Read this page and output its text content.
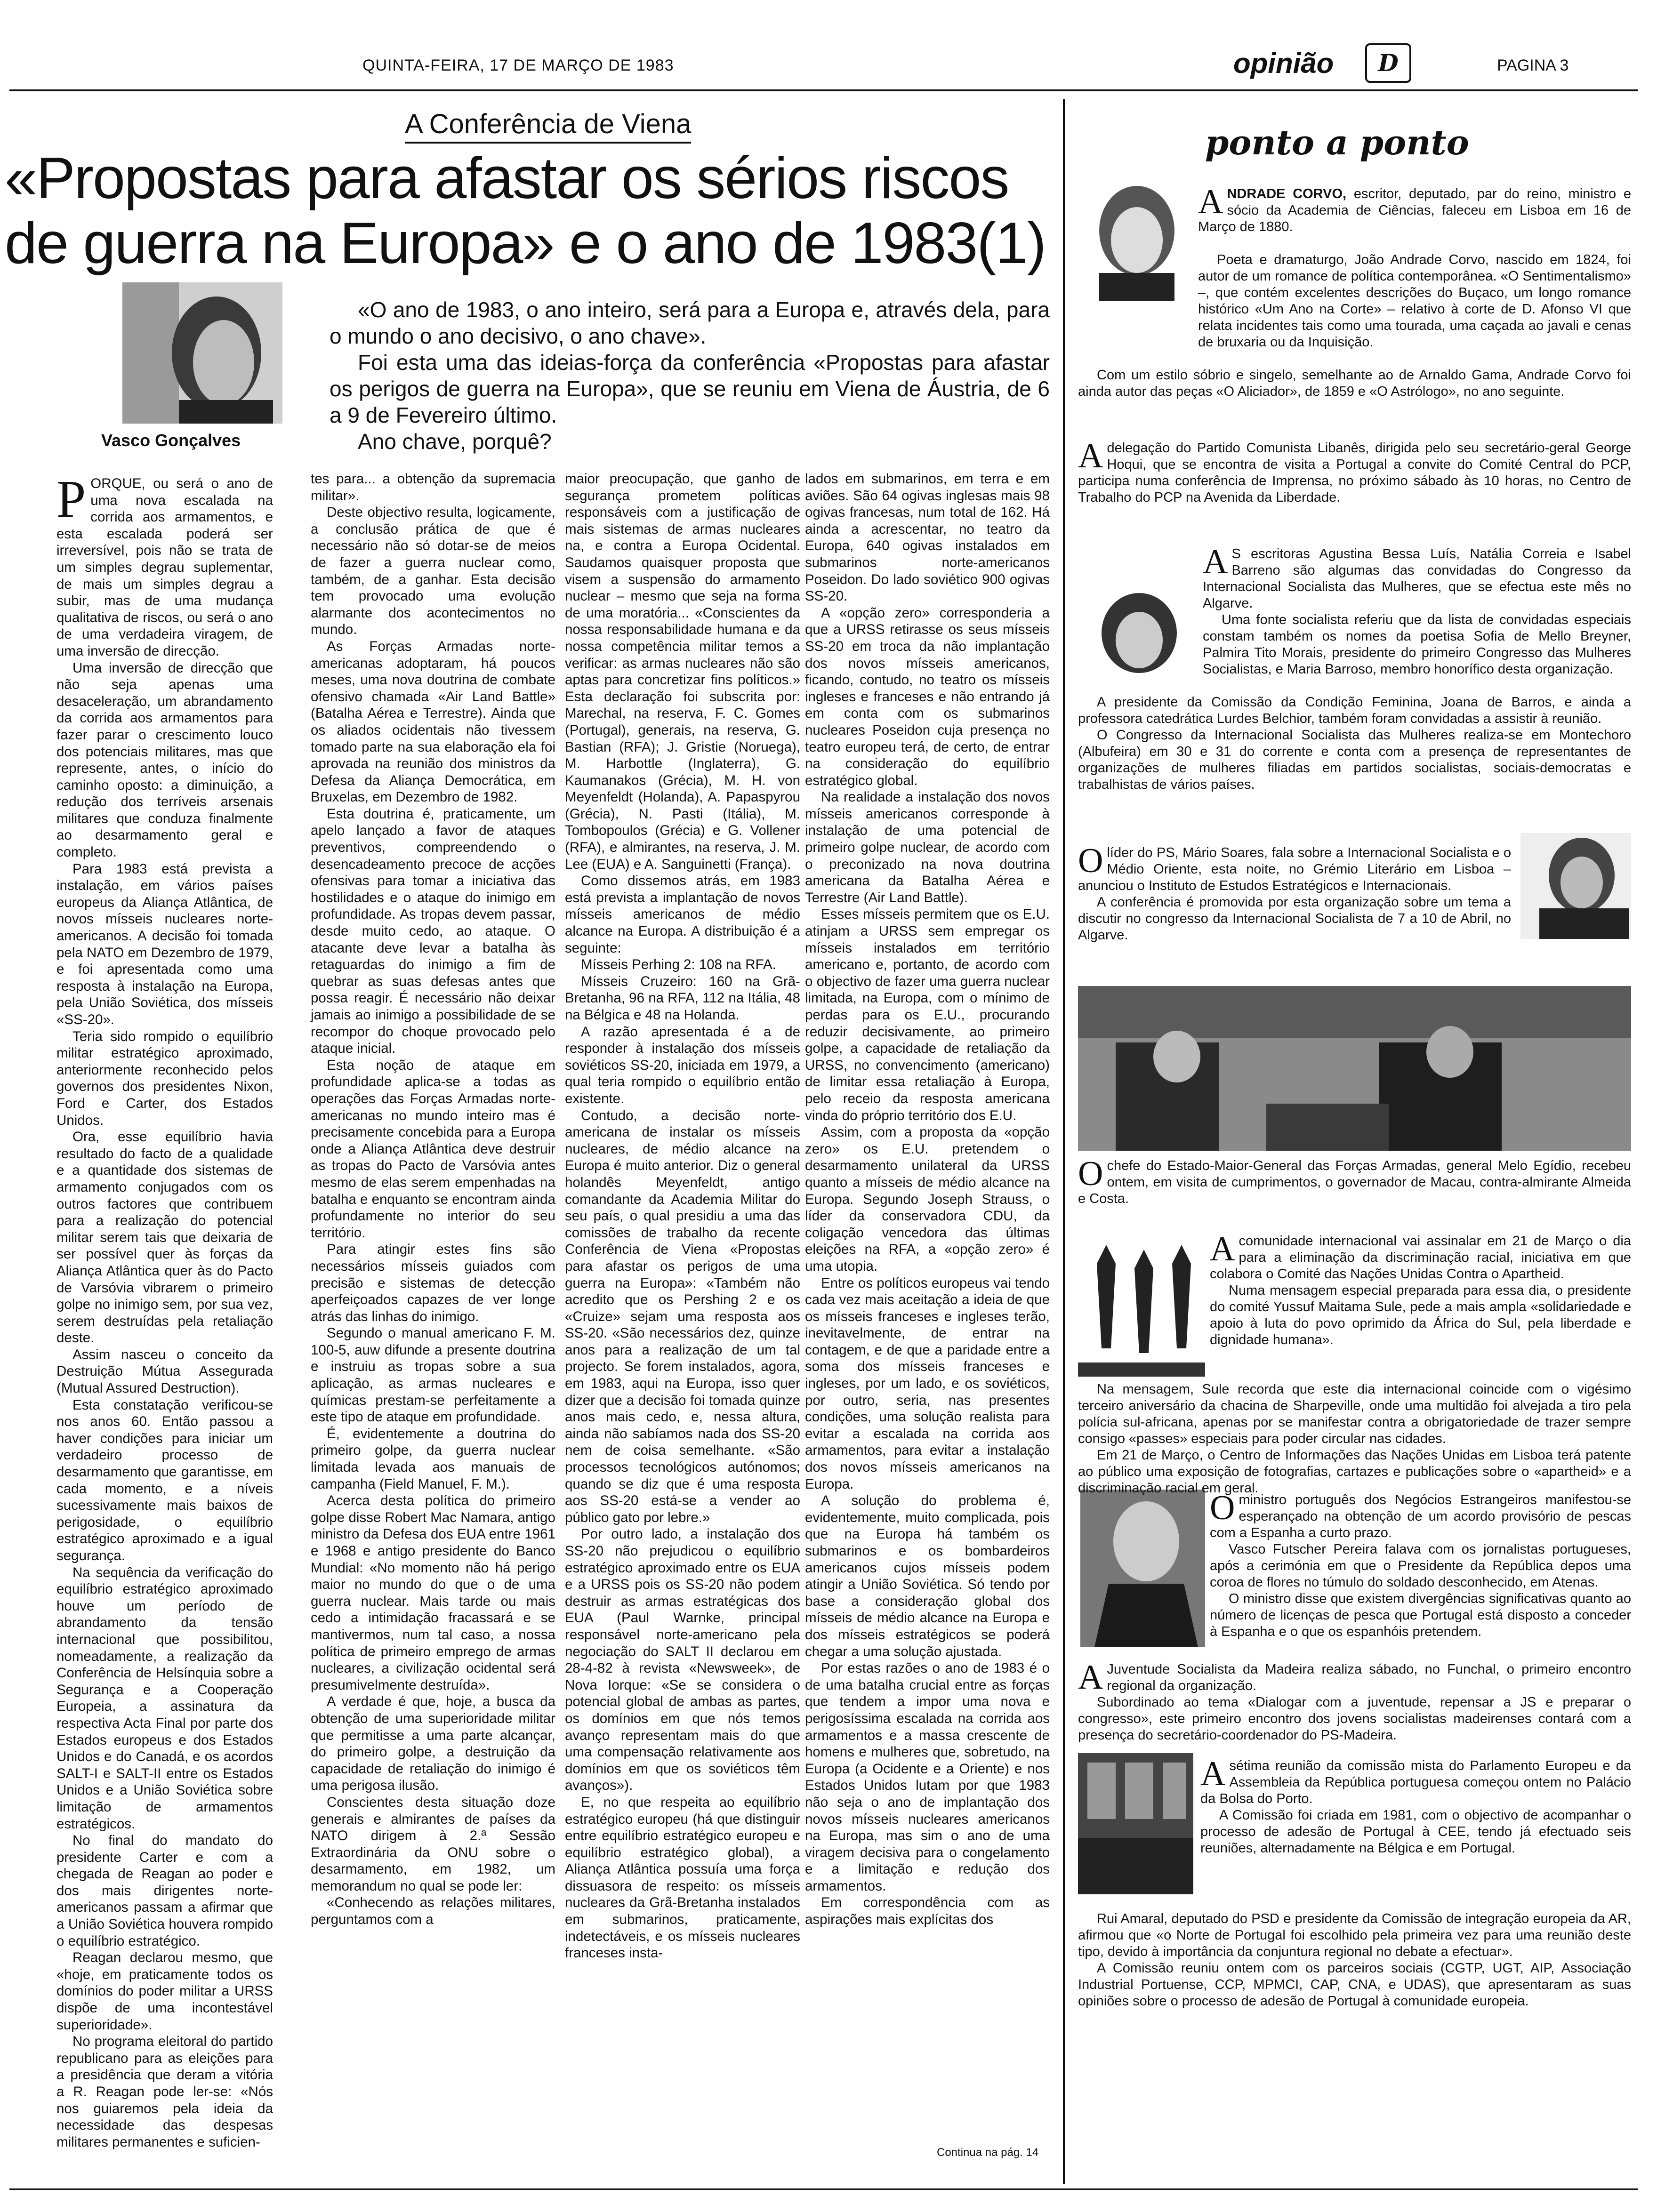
QUINTA-FEIRA, 17 DE MARÇO DE 1983	opinião	D	PAGINA 3
A Conferência de Viena
«Propostas para afastar os sérios riscos de guerra na Europa» e o ano de 1983(1)
Vasco Gonçalves

«O ano de 1983, o ano inteiro, será para a Europa e, através dela, para o mundo o ano decisivo, o ano chave».

Foi esta uma das ideias-força da conferência «Propostas para afastar os perigos de guerra na Europa», que se reuniu em Viena de Áustria, de 6 a 9 de Fevereiro último.

Ano chave, porquê?

PORQUE, ou será o ano de uma nova escalada na corrida aos armamentos, e esta escalada poderá ser irreversível, pois não se trata de um simples degrau suplementar, de mais um simples degrau a subir, mas de uma mudança qualitativa de riscos, ou será o ano de uma verdadeira viragem, de uma inversão de direcção.

Uma inversão de direcção que não seja apenas uma desaceleração, um abrandamento da corrida aos armamentos para fazer parar o crescimento louco dos potenciais militares, mas que represente, antes, o início do caminho oposto: a diminuição, a redução dos terríveis arsenais militares que conduza finalmente ao desarmamento geral e completo.

Para 1983 está prevista a instalação, em vários países europeus da Aliança Atlântica, de novos mísseis nucleares norte-americanos. A decisão foi tomada pela NATO em Dezembro de 1979, e foi apresentada como uma resposta à instalação na Europa, pela União Soviética, dos mísseis «SS-20».

Teria sido rompido o equilíbrio militar estratégico aproximado, anteriormente reconhecido pelos governos dos presidentes Nixon, Ford e Carter, dos Estados Unidos.

Ora, esse equilíbrio havia resultado do facto de a qualidade e a quantidade dos sistemas de armamento conjugados com os outros factores que contribuem para a realização do potencial militar serem tais que deixaria de ser possível quer às forças da Aliança Atlântica quer às do Pacto de Varsóvia vibrarem o primeiro golpe no inimigo sem, por sua vez, serem destruídas pela retaliação deste.

Assim nasceu o conceito da Destruição Mútua Assegurada (Mutual Assured Destruction).

Esta constatação verificou-se nos anos 60. Então passou a haver condições para iniciar um verdadeiro processo de desarmamento que garantisse, em cada momento, e a níveis sucessivamente mais baixos de perigosidade, o equilíbrio estratégico aproximado e a igual segurança.

Na sequência da verificação do equilíbrio estratégico aproximado houve um período de abrandamento da tensão internacional que possibilitou, nomeadamente, a realização da Conferência de Helsínquia sobre a Segurança e a Cooperação Europeia, a assinatura da respectiva Acta Final por parte dos Estados europeus e dos Estados Unidos e do Canadá, e os acordos SALT-I e SALT-II entre os Estados Unidos e a União Soviética sobre limitação de armamentos estratégicos.

No final do mandato do presidente Carter e com a chegada de Reagan ao poder e dos mais dirigentes norte-americanos passam a afirmar que a União Soviética houvera rompido o equilíbrio estratégico.

Reagan declarou mesmo, que «hoje, em praticamente todos os domínios do poder militar a URSS dispõe de uma incontestável superioridade».

No programa eleitoral do partido republicano para as eleições para a presidência que deram a vitória a R. Reagan pode ler-se: «Nós nos guiaremos pela ideia da necessidade das despesas militares permanentes e suficien-

tes para... a obtenção da supremacia militar».

Deste objectivo resulta, logicamente, a conclusão prática de que é necessário não só dotar-se de meios de fazer a guerra nuclear como, também, de a ganhar. Esta decisão tem provocado uma evolução alarmante dos acontecimentos no mundo.

As Forças Armadas norte-americanas adoptaram, há poucos meses, uma nova doutrina de combate ofensivo chamada «Air Land Battle» (Batalha Aérea e Terrestre). Ainda que os aliados ocidentais não tivessem tomado parte na sua elaboração ela foi aprovada na reunião dos ministros da Defesa da Aliança Democrática, em Bruxelas, em Dezembro de 1982.

Esta doutrina é, praticamente, um apelo lançado a favor de ataques preventivos, compreendendo o desencadeamento precoce de acções ofensivas para tomar a iniciativa das hostilidades e o ataque do inimigo em profundidade. As tropas devem passar, desde muito cedo, ao ataque. O atacante deve levar a batalha às retaguardas do inimigo a fim de quebrar as suas defesas antes que possa reagir. É necessário não deixar jamais ao inimigo a possibilidade de se recompor do choque provocado pelo ataque inicial.

Esta noção de ataque em profundidade aplica-se a todas as operações das Forças Armadas norte-americanas no mundo inteiro mas é precisamente concebida para a Europa onde a Aliança Atlântica deve destruir as tropas do Pacto de Varsóvia antes mesmo de elas serem empenhadas na batalha e enquanto se encontram ainda profundamente no interior do seu território.

Para atingir estes fins são necessários mísseis guiados com precisão e sistemas de detecção aperfeiçoados capazes de ver longe atrás das linhas do inimigo.

Segundo o manual americano F. M. 100-5, auw difunde a presente doutrina e instruiu as tropas sobre a sua aplicação, as armas nucleares e químicas prestam-se perfeitamente a este tipo de ataque em profundidade.

É, evidentemente a doutrina do primeiro golpe, da guerra nuclear limitada levada aos manuais de campanha (Field Manuel, F. M.).

Acerca desta política do primeiro golpe disse Robert Mac Namara, antigo ministro da Defesa dos EUA entre 1961 e 1968 e antigo presidente do Banco Mundial: «No momento não há perigo maior no mundo do que o de uma guerra nuclear. Mais tarde ou mais cedo a intimidação fracassará e se mantivermos, num tal caso, a nossa política de primeiro emprego de armas nucleares, a civilização ocidental será presumivelmente destruída».

A verdade é que, hoje, a busca da obtenção de uma superioridade militar que permitisse a uma parte alcançar, do primeiro golpe, a destruição da capacidade de retaliação do inimigo é uma perigosa ilusão.

Conscientes desta situação doze generais e almirantes de países da NATO dirigem à 2.ª Sessão Extraordinária da ONU sobre o desarmamento, em 1982, um memorandum no qual se pode ler:

«Conhecendo as relações militares, perguntamos com a

maior preocupação, que ganho de segurança prometem políticas responsáveis com a justificação de mais sistemas de armas nucleares na, e contra a Europa Ocidental. Saudamos quaisquer proposta que visem a suspensão do armamento nuclear – mesmo que seja na forma de uma moratória... «Conscientes da nossa responsabilidade humana e da nossa competência militar temos a verificar: as armas nucleares não são aptas para concretizar fins políticos.» Esta declaração foi subscrita por: Marechal, na reserva, F. C. Gomes (Portugal), generais, na reserva, G. Bastian (RFA); J. Gristie (Noruega), M. Harbottle (Inglaterra), G. Kaumanakos (Grécia), M. H. von Meyenfeldt (Holanda), A. Papaspyrou (Grécia), N. Pasti (Itália), M. Tombopoulos (Grécia) e G. Vollener (RFA), e almirantes, na reserva, J. M. Lee (EUA) e A. Sanguinetti (França).

Como dissemos atrás, em 1983 está prevista a implantação de novos mísseis americanos de médio alcance na Europa. A distribuição é a seguinte:

Mísseis Perhing 2: 108 na RFA.

Mísseis Cruzeiro: 160 na Grã-Bretanha, 96 na RFA, 112 na Itália, 48 na Bélgica e 48 na Holanda.

A razão apresentada é a de responder à instalação dos mísseis soviéticos SS-20, iniciada em 1979, a qual teria rompido o equilíbrio então existente.

Contudo, a decisão norte-americana de instalar os mísseis nucleares, de médio alcance na Europa é muito anterior. Diz o general holandês Meyenfeldt, antigo comandante da Academia Militar do seu país, o qual presidiu a uma das comissões de trabalho da recente Conferência de Viena «Propostas para afastar os perigos de uma guerra na Europa»: «Também não acredito que os Pershing 2 e os «Cruize» sejam uma resposta aos SS-20. «São necessários dez, quinze anos para a realização de um tal projecto. Se forem instalados, agora, em 1983, aqui na Europa, isso quer dizer que a decisão foi tomada quinze anos mais cedo, e, nessa altura, ainda não sabíamos nada dos SS-20 nem de coisa semelhante. «São processos tecnológicos autónomos; quando se diz que é uma resposta aos SS-20 está-se a vender ao público gato por lebre.»

Por outro lado, a instalação dos SS-20 não prejudicou o equilíbrio estratégico aproximado entre os EUA e a URSS pois os SS-20 não podem destruir as armas estratégicas dos EUA (Paul Warnke, principal responsável norte-americano pela negociação do SALT II declarou em 28-4-82 à revista «Newsweek», de Nova Iorque: «Se se considera o potencial global de ambas as partes, os domínios em que nós temos avanço representam mais do que uma compensação relativamente aos domínios em que os soviéticos têm avanços»).

E, no que respeita ao equilíbrio estratégico europeu (há que distinguir entre equilíbrio estratégico europeu e equilíbrio estratégico global), a Aliança Atlântica possuía uma força dissuasora de respeito: os mísseis nucleares da Grã-Bretanha instalados em submarinos, praticamente, indetectáveis, e os mísseis nucleares franceses insta-

lados em submarinos, em terra e em aviões. São 64 ogivas inglesas mais 98 ogivas francesas, num total de 162. Há ainda a acrescentar, no teatro da Europa, 640 ogivas instalados em submarinos norte-americanos Poseidon. Do lado soviético 900 ogivas SS-20.

A «opção zero» corresponderia a que a URSS retirasse os seus mísseis SS-20 em troca da não implantação dos novos mísseis americanos, ficando, contudo, no teatro os mísseis ingleses e franceses e não entrando já em conta com os submarinos nucleares Poseidon cuja presença no teatro europeu terá, de certo, de entrar na consideração do equilíbrio estratégico global.

Na realidade a instalação dos novos mísseis americanos corresponde à instalação de uma potencial de primeiro golpe nuclear, de acordo com o preconizado na nova doutrina americana da Batalha Aérea e Terrestre (Air Land Battle).

Esses mísseis permitem que os E.U. atinjam a URSS sem empregar os mísseis instalados em território americano e, portanto, de acordo com o objectivo de fazer uma guerra nuclear limitada, na Europa, com o mínimo de perdas para os E.U., procurando reduzir decisivamente, ao primeiro golpe, a capacidade de retaliação da URSS, no convencimento (americano) de limitar essa retaliação à Europa, pelo receio da resposta americana vinda do próprio território dos E.U.

Assim, com a proposta da «opção zero» os E.U. pretendem o desarmamento unilateral da URSS quanto a mísseis de médio alcance na Europa. Segundo Joseph Strauss, o líder da conservadora CDU, da coligação vencedora das últimas eleições na RFA, a «opção zero» é uma utopia.

Entre os políticos europeus vai tendo cada vez mais aceitação a ideia de que os mísseis franceses e ingleses terão, inevitavelmente, de entrar na contagem, e de que a paridade entre a soma dos mísseis franceses e ingleses, por um lado, e os soviéticos, por outro, seria, nas presentes condições, uma solução realista para evitar a escalada na corrida aos armamentos, para evitar a instalação dos novos mísseis americanos na Europa.

A solução do problema é, evidentemente, muito complicada, pois que na Europa há também os submarinos e os bombardeiros americanos cujos mísseis podem atingir a União Soviética. Só tendo por base a consideração global dos mísseis de médio alcance na Europa e dos mísseis estratégicos se poderá chegar a uma solução ajustada.

Por estas razões o ano de 1983 é o de uma batalha crucial entre as forças que tendem a impor uma nova e perigosíssima escalada na corrida aos armamentos e a massa crescente de homens e mulheres que, sobretudo, na Europa (a Ocidente e a Oriente) e nos Estados Unidos lutam por que 1983 não seja o ano de implantação dos novos mísseis nucleares americanos na Europa, mas sim o ano de uma viragem decisiva para o congelamento e a limitação e redução dos armamentos.

Em correspondência com as aspirações mais explícitas dos

Continua na pág. 14
ponto a ponto

ANDRADE CORVO, escritor, deputado, par do reino, ministro e sócio da Academia de Ciências, faleceu em Lisboa em 16 de Março de 1880.

Poeta e dramaturgo, João Andrade Corvo, nascido em 1824, foi autor de um romance de política contemporânea. «O Sentimentalismo» –, que contém excelentes descrições do Buçaco, um longo romance histórico «Um Ano na Corte» – relativo à corte de D. Afonso VI que relata incidentes tais como uma tourada, uma caçada ao javali e cenas de bruxaria ou da Inquisição.

Com um estilo sóbrio e singelo, semelhante ao de Arnaldo Gama, Andrade Corvo foi ainda autor das peças «O Aliciador», de 1859 e «O Astrólogo», no ano seguinte.

A delegação do Partido Comunista Libanês, dirigida pelo seu secretário-geral George Hoqui, que se encontra de visita a Portugal a convite do Comité Central do PCP, participa numa conferência de Imprensa, no próximo sábado às 10 horas, no Centro de Trabalho do PCP na Avenida da Liberdade.

A S escritoras Agustina Bessa Luís, Natália Correia e Isabel Barreno são algumas das convidadas do Congresso da Internacional Socialista das Mulheres, que se efectua este mês no Algarve.

Uma fonte socialista referiu que da lista de convidadas especiais constam também os nomes da poetisa Sofia de Mello Breyner, Palmira Tito Morais, presidente do primeiro Congresso das Mulheres Socialistas, e Maria Barroso, membro honorífico desta organização.

A presidente da Comissão da Condição Feminina, Joana de Barros, e ainda a professora catedrática Lurdes Belchior, também foram convidadas a assistir à reunião.

O Congresso da Internacional Socialista das Mulheres realiza-se em Montechoro (Albufeira) em 30 e 31 do corrente e conta com a presença de representantes de organizações de mulheres filiadas em partidos socialistas, sociais-democratas e trabalhistas de vários países.

O líder do PS, Mário Soares, fala sobre a Internacional Socialista e o Médio Oriente, esta noite, no Grémio Literário em Lisboa – anunciou o Instituto de Estudos Estratégicos e Internacionais.

A conferência é promovida por esta organização sobre um tema a discutir no congresso da Internacional Socialista de 7 a 10 de Abril, no Algarve.

O chefe do Estado-Maior-General das Forças Armadas, general Melo Egídio, recebeu ontem, em visita de cumprimentos, o governador de Macau, contra-almirante Almeida e Costa.

A comunidade internacional vai assinalar em 21 de Março o dia para a eliminação da discriminação racial, iniciativa em que colabora o Comité das Nações Unidas Contra o Apartheid.

Numa mensagem especial preparada para essa dia, o presidente do comité Yussuf Maitama Sule, pede a mais ampla «solidariedade e apoio à luta do povo oprimido da África do Sul, pela liberdade e dignidade humana».

Na mensagem, Sule recorda que este dia internacional coincide com o vigésimo terceiro aniversário da chacina de Sharpeville, onde uma multidão foi alvejada a tiro pela polícia sul-africana, apenas por se manifestar contra a obrigatoriedade de trazer sempre consigo «passes» especiais para poder circular nas cidades.

Em 21 de Março, o Centro de Informações das Nações Unidas em Lisboa terá patente ao público uma exposição de fotografias, cartazes e publicações sobre o «apartheid» e a discriminação racial em geral.

O ministro português dos Negócios Estrangeiros manifestou-se esperançado na obtenção de um acordo provisório de pescas com a Espanha a curto prazo.

Vasco Futscher Pereira falava com os jornalistas portugueses, após a cerimónia em que o Presidente da República depos uma coroa de flores no túmulo do soldado desconhecido, em Atenas.

O ministro disse que existem divergências significativas quanto ao número de licenças de pesca que Portugal está disposto a conceder à Espanha e o que os espanhóis pretendem.

A Juventude Socialista da Madeira realiza sábado, no Funchal, o primeiro encontro regional da organização.

Subordinado ao tema «Dialogar com a juventude, repensar a JS e preparar o congresso», este primeiro encontro dos jovens socialistas madeirenses contará com a presença do secretário-coordenador do PS-Madeira.

A sétima reunião da comissão mista do Parlamento Europeu e da Assembleia da República portuguesa começou ontem no Palácio da Bolsa do Porto.

A Comissão foi criada em 1981, com o objectivo de acompanhar o processo de adesão de Portugal à CEE, tendo já efectuado seis reuniões, alternadamente na Bélgica e em Portugal.

Rui Amaral, deputado do PSD e presidente da Comissão de integração europeia da AR, afirmou que «o Norte de Portugal foi escolhido pela primeira vez para uma reunião deste tipo, devido à importância da conjuntura regional no debate a efectuar».

A Comissão reuniu ontem com os parceiros sociais (CGTP, UGT, AIP, Associação Industrial Portuense, CCP, MPMCI, CAP, CNA, e UDAS), que apresentaram as suas opiniões sobre o processo de adesão de Portugal à comunidade europeia.
